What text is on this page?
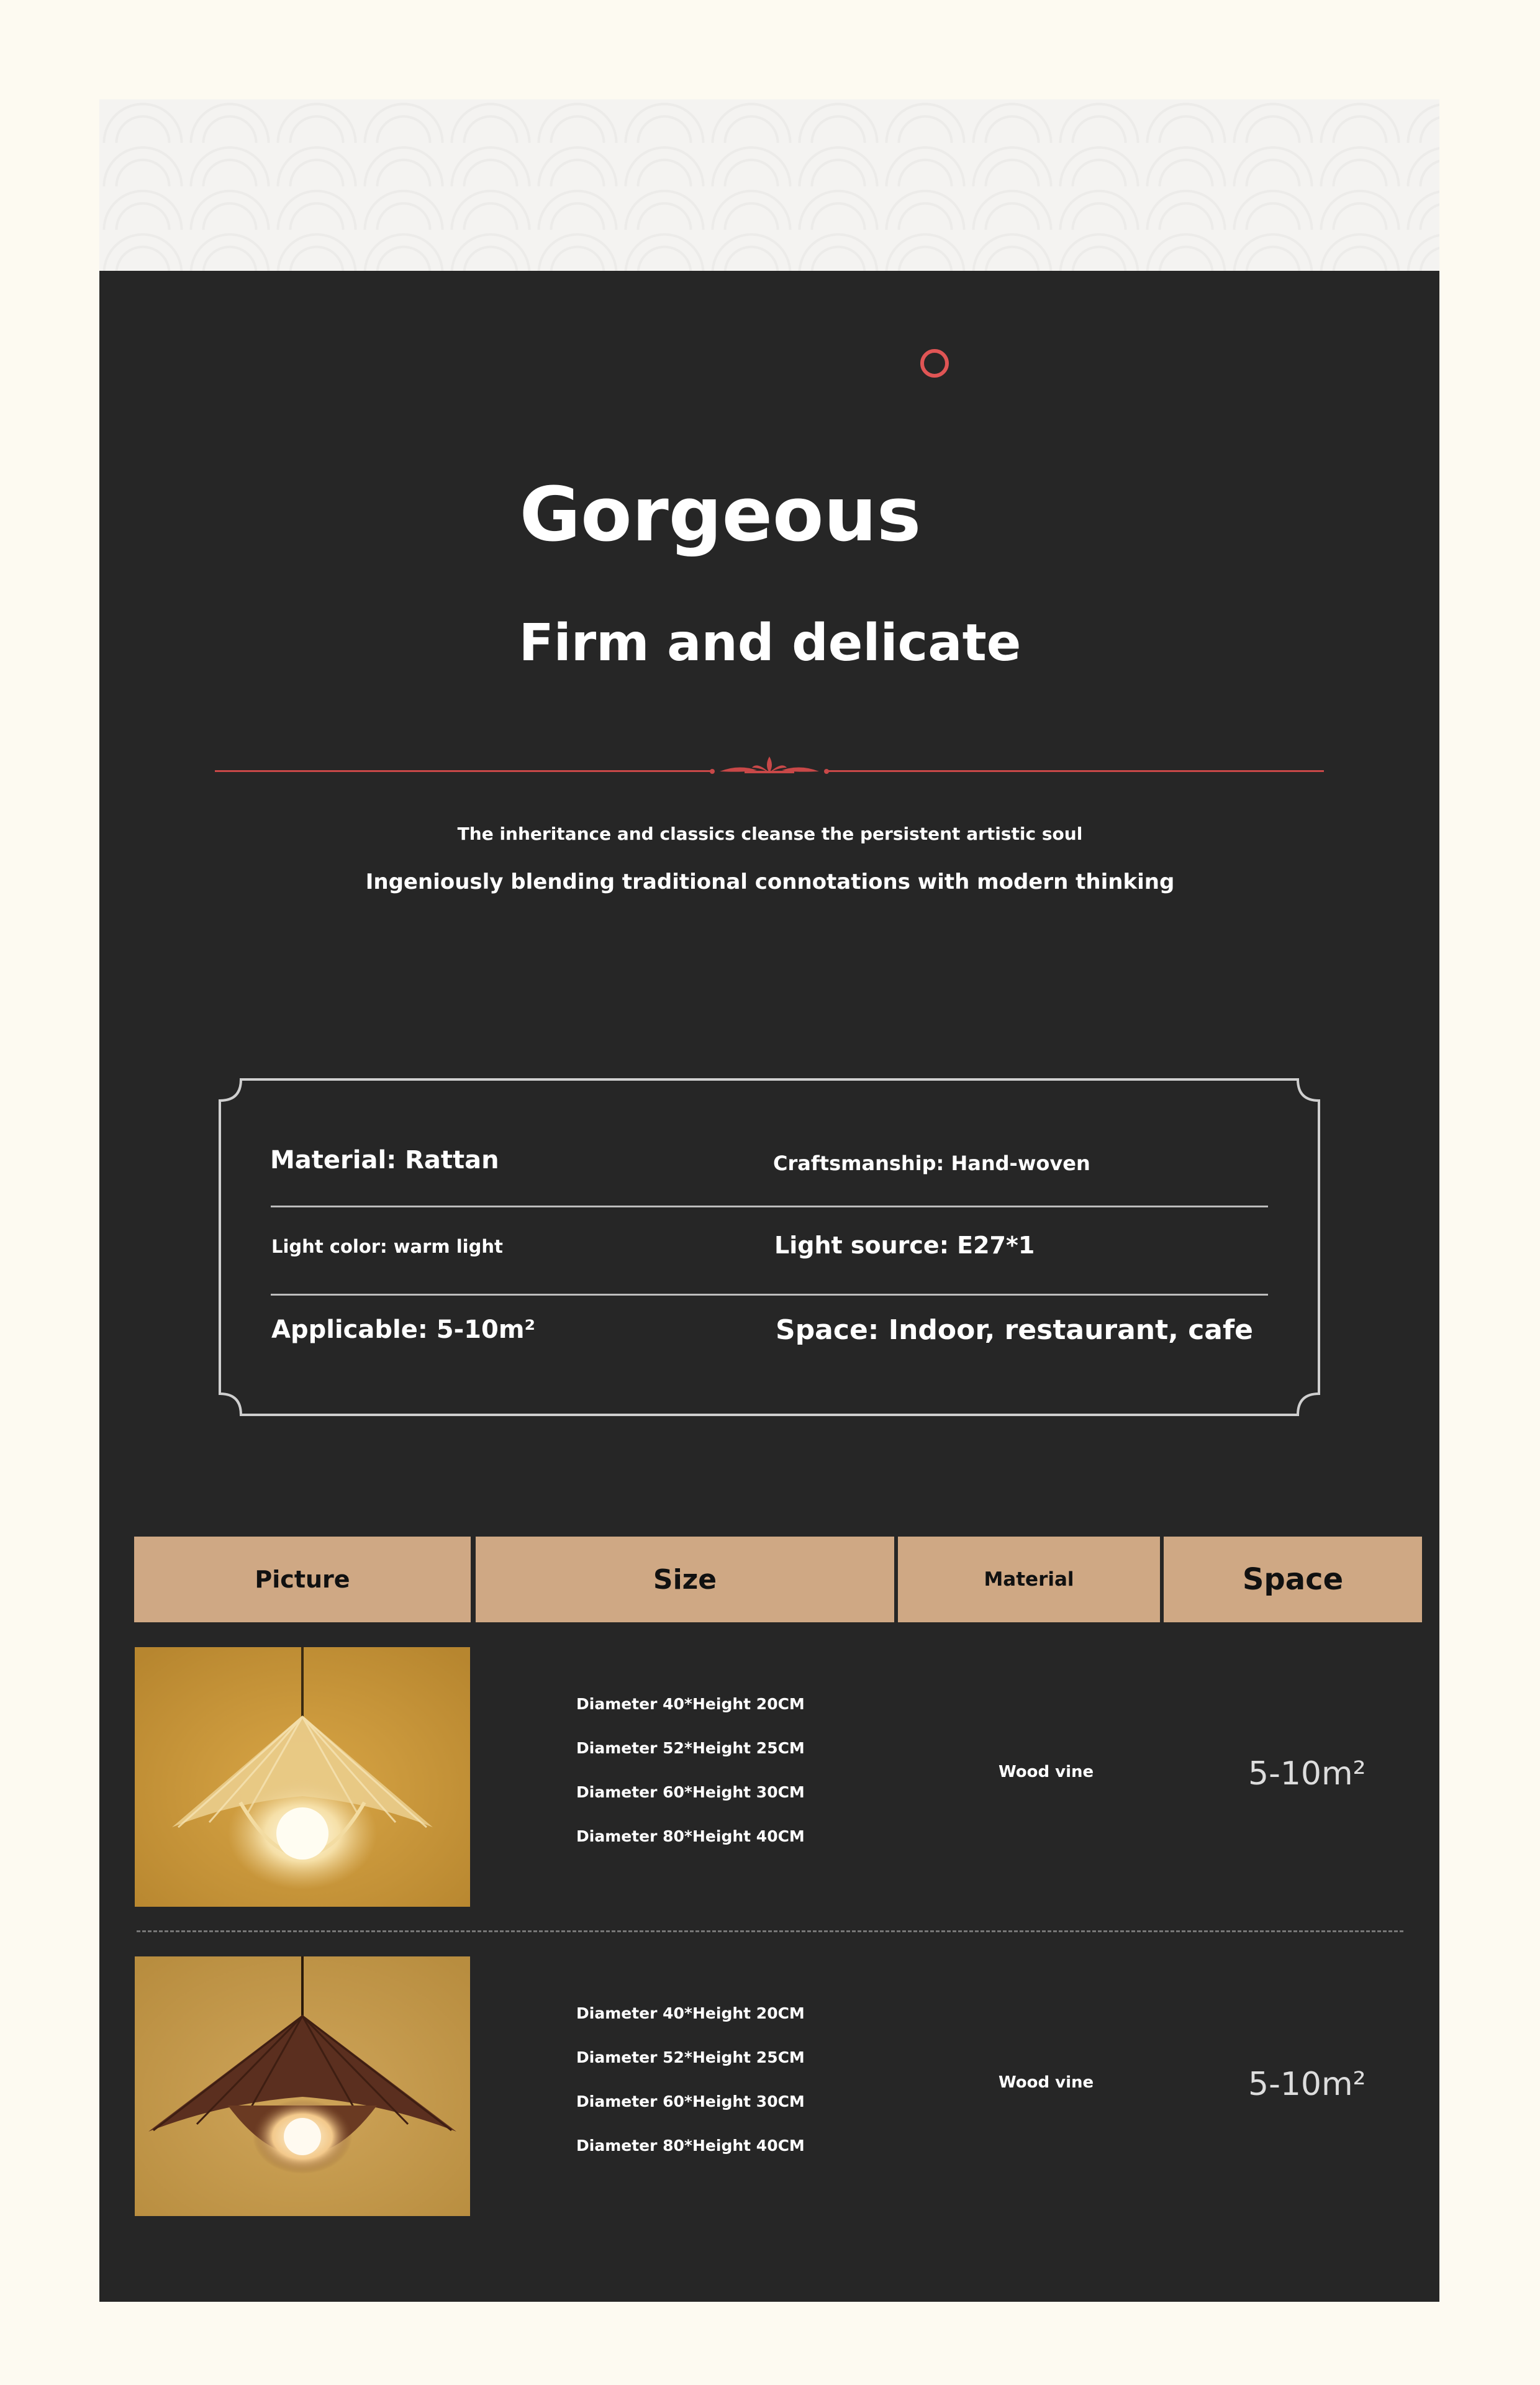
Gorgeous
Firm and delicate
The inheritance and classics cleanse the persistent artistic soul
Ingeniously blending traditional connotations with modern thinking
Material: Rattan	Craftsmanship: Hand-woven
Light color: warm light	Light source: E27*1
Applicable: 5-10m²	Space: Indoor, restaurant, cafe
Picture	Size	Material	Space
Diameter 40*Height 20CM
Diameter 52*Height 25CM
Diameter 60*Height 30CM
Diameter 80*Height 40CM
Wood vine	5-10m²
Diameter 40*Height 20CM
Diameter 52*Height 25CM
Diameter 60*Height 30CM
Diameter 80*Height 40CM
Wood vine	5-10m²
